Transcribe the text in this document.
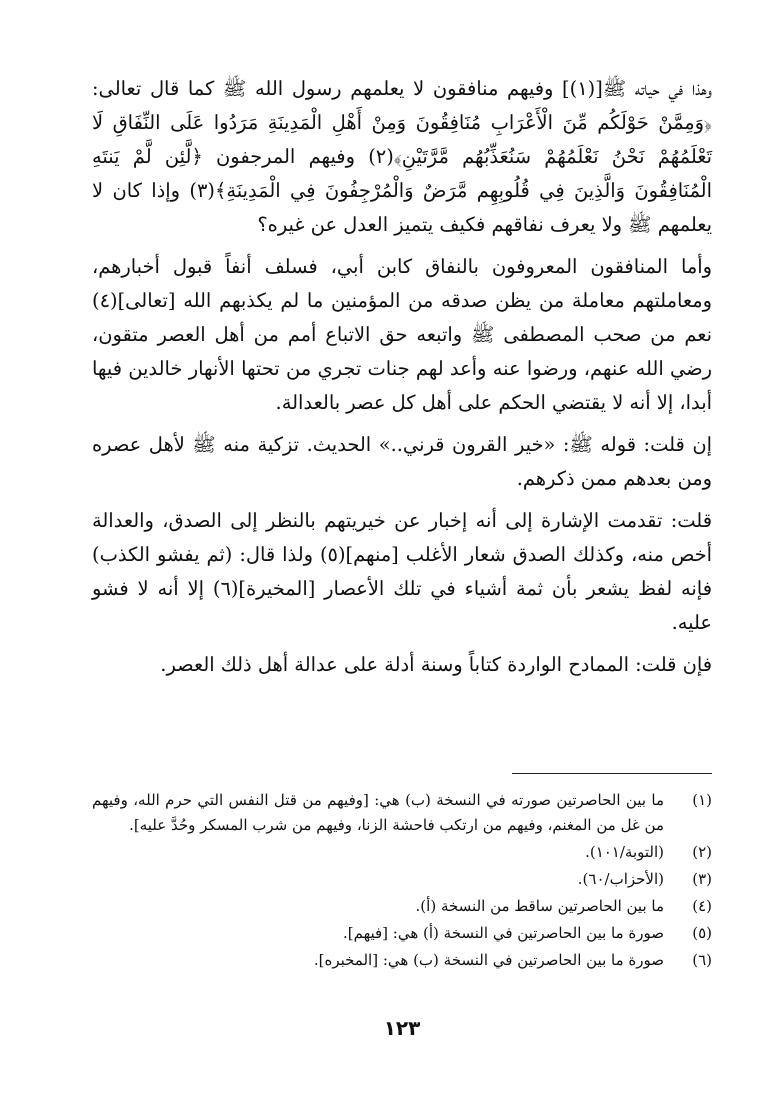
وهذا في حياته ﷺ[(١)] وفيهم منافقون لا يعلمهم رسول الله ﷺ كما قال تعالى: ﴿وَمِمَّنْ حَوْلَكُم مِّنَ الْأَعْرَابِ مُنَافِقُونَ وَمِنْ أَهْلِ الْمَدِينَةِ مَرَدُوا عَلَى النِّفَاقِ لَا تَعْلَمُهُمْ نَحْنُ نَعْلَمُهُمْ سَنُعَذِّبُهُم مَّرَّتَيْنِ﴾(٢) وفيهم المرجفون ﴿لَّئِن لَّمْ يَنتَهِ الْمُنَافِقُونَ وَالَّذِينَ فِي قُلُوبِهِم مَّرَضٌ وَالْمُرْجِفُونَ فِي الْمَدِينَةِ﴾(٣) وإذا كان لا يعلمهم ﷺ ولا يعرف نفاقهم فكيف يتميز العدل عن غيره؟

وأما المنافقون المعروفون بالنفاق كابن أبي، فسلف أنفاً قبول أخبارهم، ومعاملتهم معاملة من يظن صدقه من المؤمنين ما لم يكذبهم الله [تعالى](٤) نعم من صحب المصطفى ﷺ واتبعه حق الاتباع أمم من أهل العصر متقون، رضي الله عنهم، ورضوا عنه وأعد لهم جنات تجري من تحتها الأنهار خالدين فيها أبدا، إلا أنه لا يقتضي الحكم على أهل كل عصر بالعدالة.

إن قلت: قوله ﷺ: «خير القرون قرني..» الحديث. تزكية منه ﷺ لأهل عصره ومن بعدهم ممن ذكرهم.

قلت: تقدمت الإشارة إلى أنه إخبار عن خيريتهم بالنظر إلى الصدق، والعدالة أخص منه، وكذلك الصدق شعار الأغلب [منهم](٥) ولذا قال: (ثم يفشو الكذب) فإنه لفظ يشعر بأن ثمة أشياء في تلك الأعصار [المخيرة](٦) إلا أنه لا فشو عليه.

فإن قلت: الممادح الواردة كتاباً وسنة أدلة على عدالة أهل ذلك العصر.

(١)
ما بين الحاصرتين صورته في النسخة (ب) هي: [وفيهم من قتل النفس التي حرم الله، وفيهم من غل من المغنم، وفيهم من ارتكب فاحشة الزنا، وفيهم من شرب المسكر وحُدَّ عليه].
(٢)
(التوبة/١٠١).
(٣)
(الأحزاب/٦٠).
(٤)
ما بين الحاصرتين ساقط من النسخة (أ).
(٥)
صورة ما بين الحاصرتين في النسخة (أ) هي: [فيهم].
(٦)
صورة ما بين الحاصرتين في النسخة (ب) هي: [المخبره].
١٢٣
